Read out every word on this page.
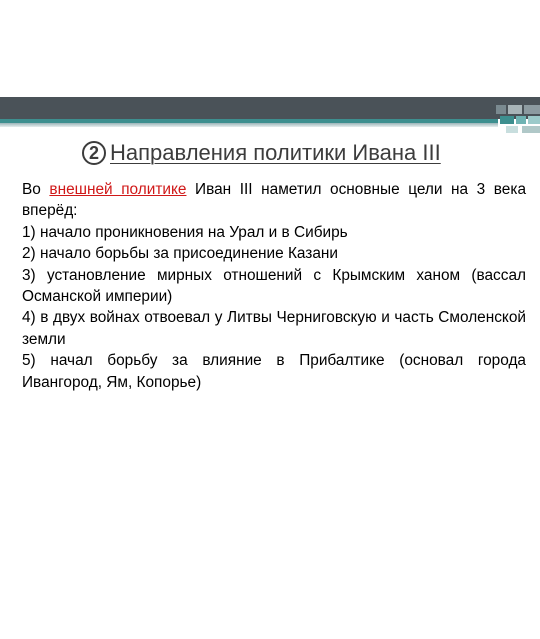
2 Направления политики Ивана III

Во внешней политике Иван III наметил основные цели на 3 века вперёд:

1) начало проникновения на Урал и в Сибирь

2) начало борьбы за присоединение Казани

3) установление мирных отношений с Крымским ханом (вассал Османской империи)

4) в двух войнах отвоевал у Литвы Черниговскую и часть Смоленской земли

5) начал борьбу за влияние в Прибалтике (основал города Ивангород, Ям, Копорье)
